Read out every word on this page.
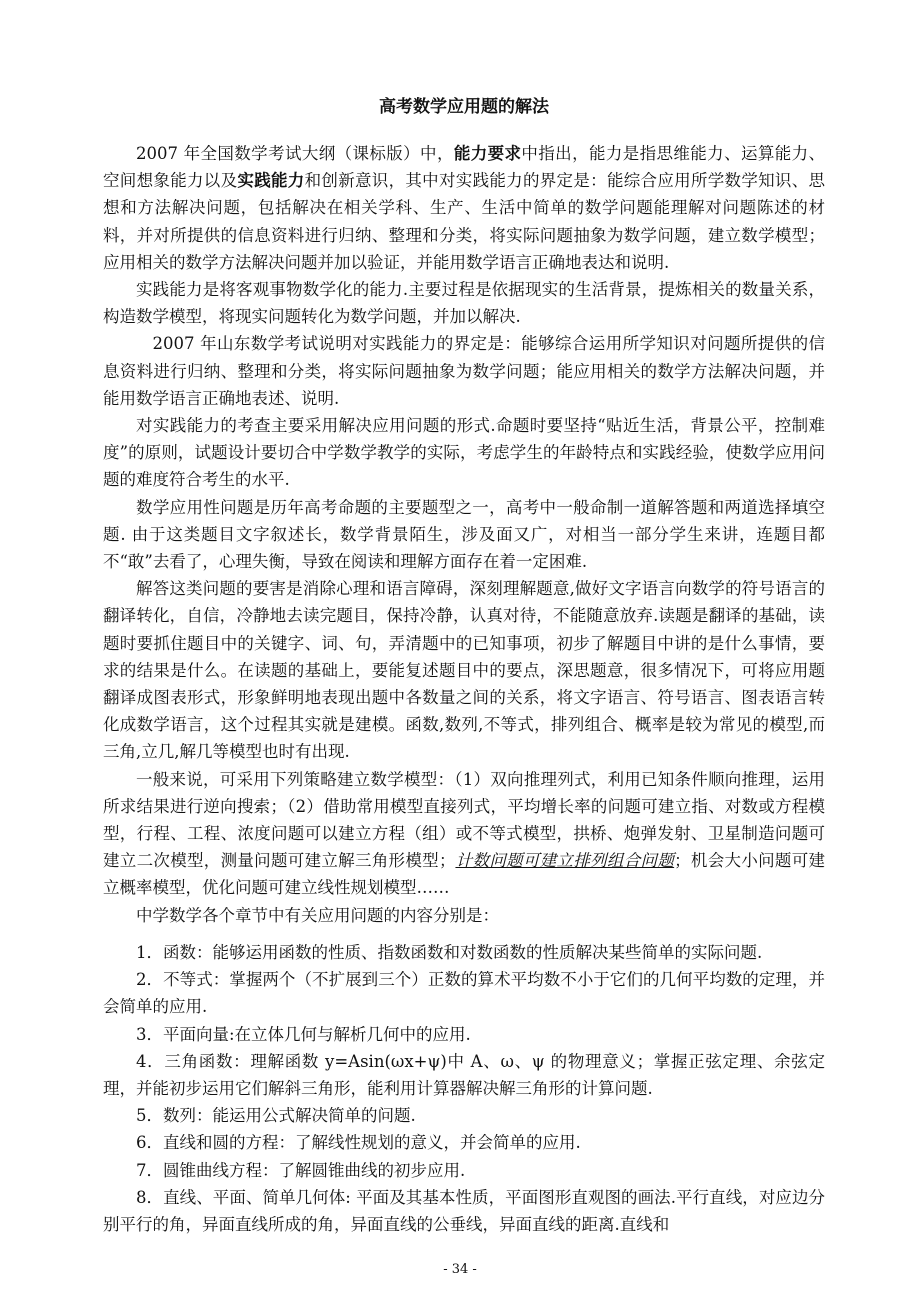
高考数学应用题的解法

2007 年全国数学考试大纲（课标版）中，能力要求中指出，能力是指思维能力、运算能力、空间想象能力以及实践能力和创新意识，其中对实践能力的界定是：能综合应用所学数学知识、思想和方法解决问题，包括解决在相关学科、生产、生活中简单的数学问题能理解对问题陈述的材料，并对所提供的信息资料进行归纳、整理和分类，将实际问题抽象为数学问题，建立数学模型；应用相关的数学方法解决问题并加以验证，并能用数学语言正确地表达和说明.

实践能力是将客观事物数学化的能力.主要过程是依据现实的生活背景，提炼相关的数量关系，构造数学模型，将现实问题转化为数学问题，并加以解决.

2007 年山东数学考试说明对实践能力的界定是：能够综合运用所学知识对问题所提供的信息资料进行归纳、整理和分类，将实际问题抽象为数学问题；能应用相关的数学方法解决问题，并能用数学语言正确地表述、说明.

对实践能力的考查主要采用解决应用问题的形式.命题时要坚持“贴近生活，背景公平，控制难度”的原则，试题设计要切合中学数学教学的实际，考虑学生的年龄特点和实践经验，使数学应用问题的难度符合考生的水平.

数学应用性问题是历年高考命题的主要题型之一，高考中一般命制一道解答题和两道选择填空题. 由于这类题目文字叙述长，数学背景陌生，涉及面又广，对相当一部分学生来讲，连题目都不“敢”去看了，心理失衡，导致在阅读和理解方面存在着一定困难.

解答这类问题的要害是消除心理和语言障碍，深刻理解题意,做好文字语言向数学的符号语言的翻译转化，自信，冷静地去读完题目，保持冷静，认真对待，不能随意放弃.读题是翻译的基础，读题时要抓住题目中的关键字、词、句，弄清题中的已知事项，初步了解题目中讲的是什么事情，要求的结果是什么。在读题的基础上，要能复述题目中的要点，深思题意，很多情况下，可将应用题翻译成图表形式，形象鲜明地表现出题中各数量之间的关系，将文字语言、符号语言、图表语言转化成数学语言，这个过程其实就是建模。函数,数列,不等式，排列组合、概率是较为常见的模型,而三角,立几,解几等模型也时有出现.

一般来说，可采用下列策略建立数学模型：（1）双向推理列式，利用已知条件顺向推理，运用所求结果进行逆向搜索；（2）借助常用模型直接列式，平均增长率的问题可建立指、对数或方程模型，行程、工程、浓度问题可以建立方程（组）或不等式模型，拱桥、炮弹发射、卫星制造问题可建立二次模型，测量问题可建立解三角形模型；计数问题可建立排列组合问题；机会大小问题可建立概率模型，优化问题可建立线性规划模型……

中学数学各个章节中有关应用问题的内容分别是：

1．函数：能够运用函数的性质、指数函数和对数函数的性质解决某些简单的实际问题.

2．不等式：掌握两个（不扩展到三个）正数的算术平均数不小于它们的几何平均数的定理，并会简单的应用.

3．平面向量:在立体几何与解析几何中的应用.

4．三角函数：理解函数 y=Asin(ωx+ψ)中 A、ω、ψ 的物理意义；掌握正弦定理、余弦定理，并能初步运用它们解斜三角形，能利用计算器解决解三角形的计算问题.

5．数列：能运用公式解决简单的问题.

6．直线和圆的方程：了解线性规划的意义，并会简单的应用.

7．圆锥曲线方程：了解圆锥曲线的初步应用.

8．直线、平面、简单几何体: 平面及其基本性质，平面图形直观图的画法.平行直线，对应边分别平行的角，异面直线所成的角，异面直线的公垂线，异面直线的距离.直线和

- 34 -
